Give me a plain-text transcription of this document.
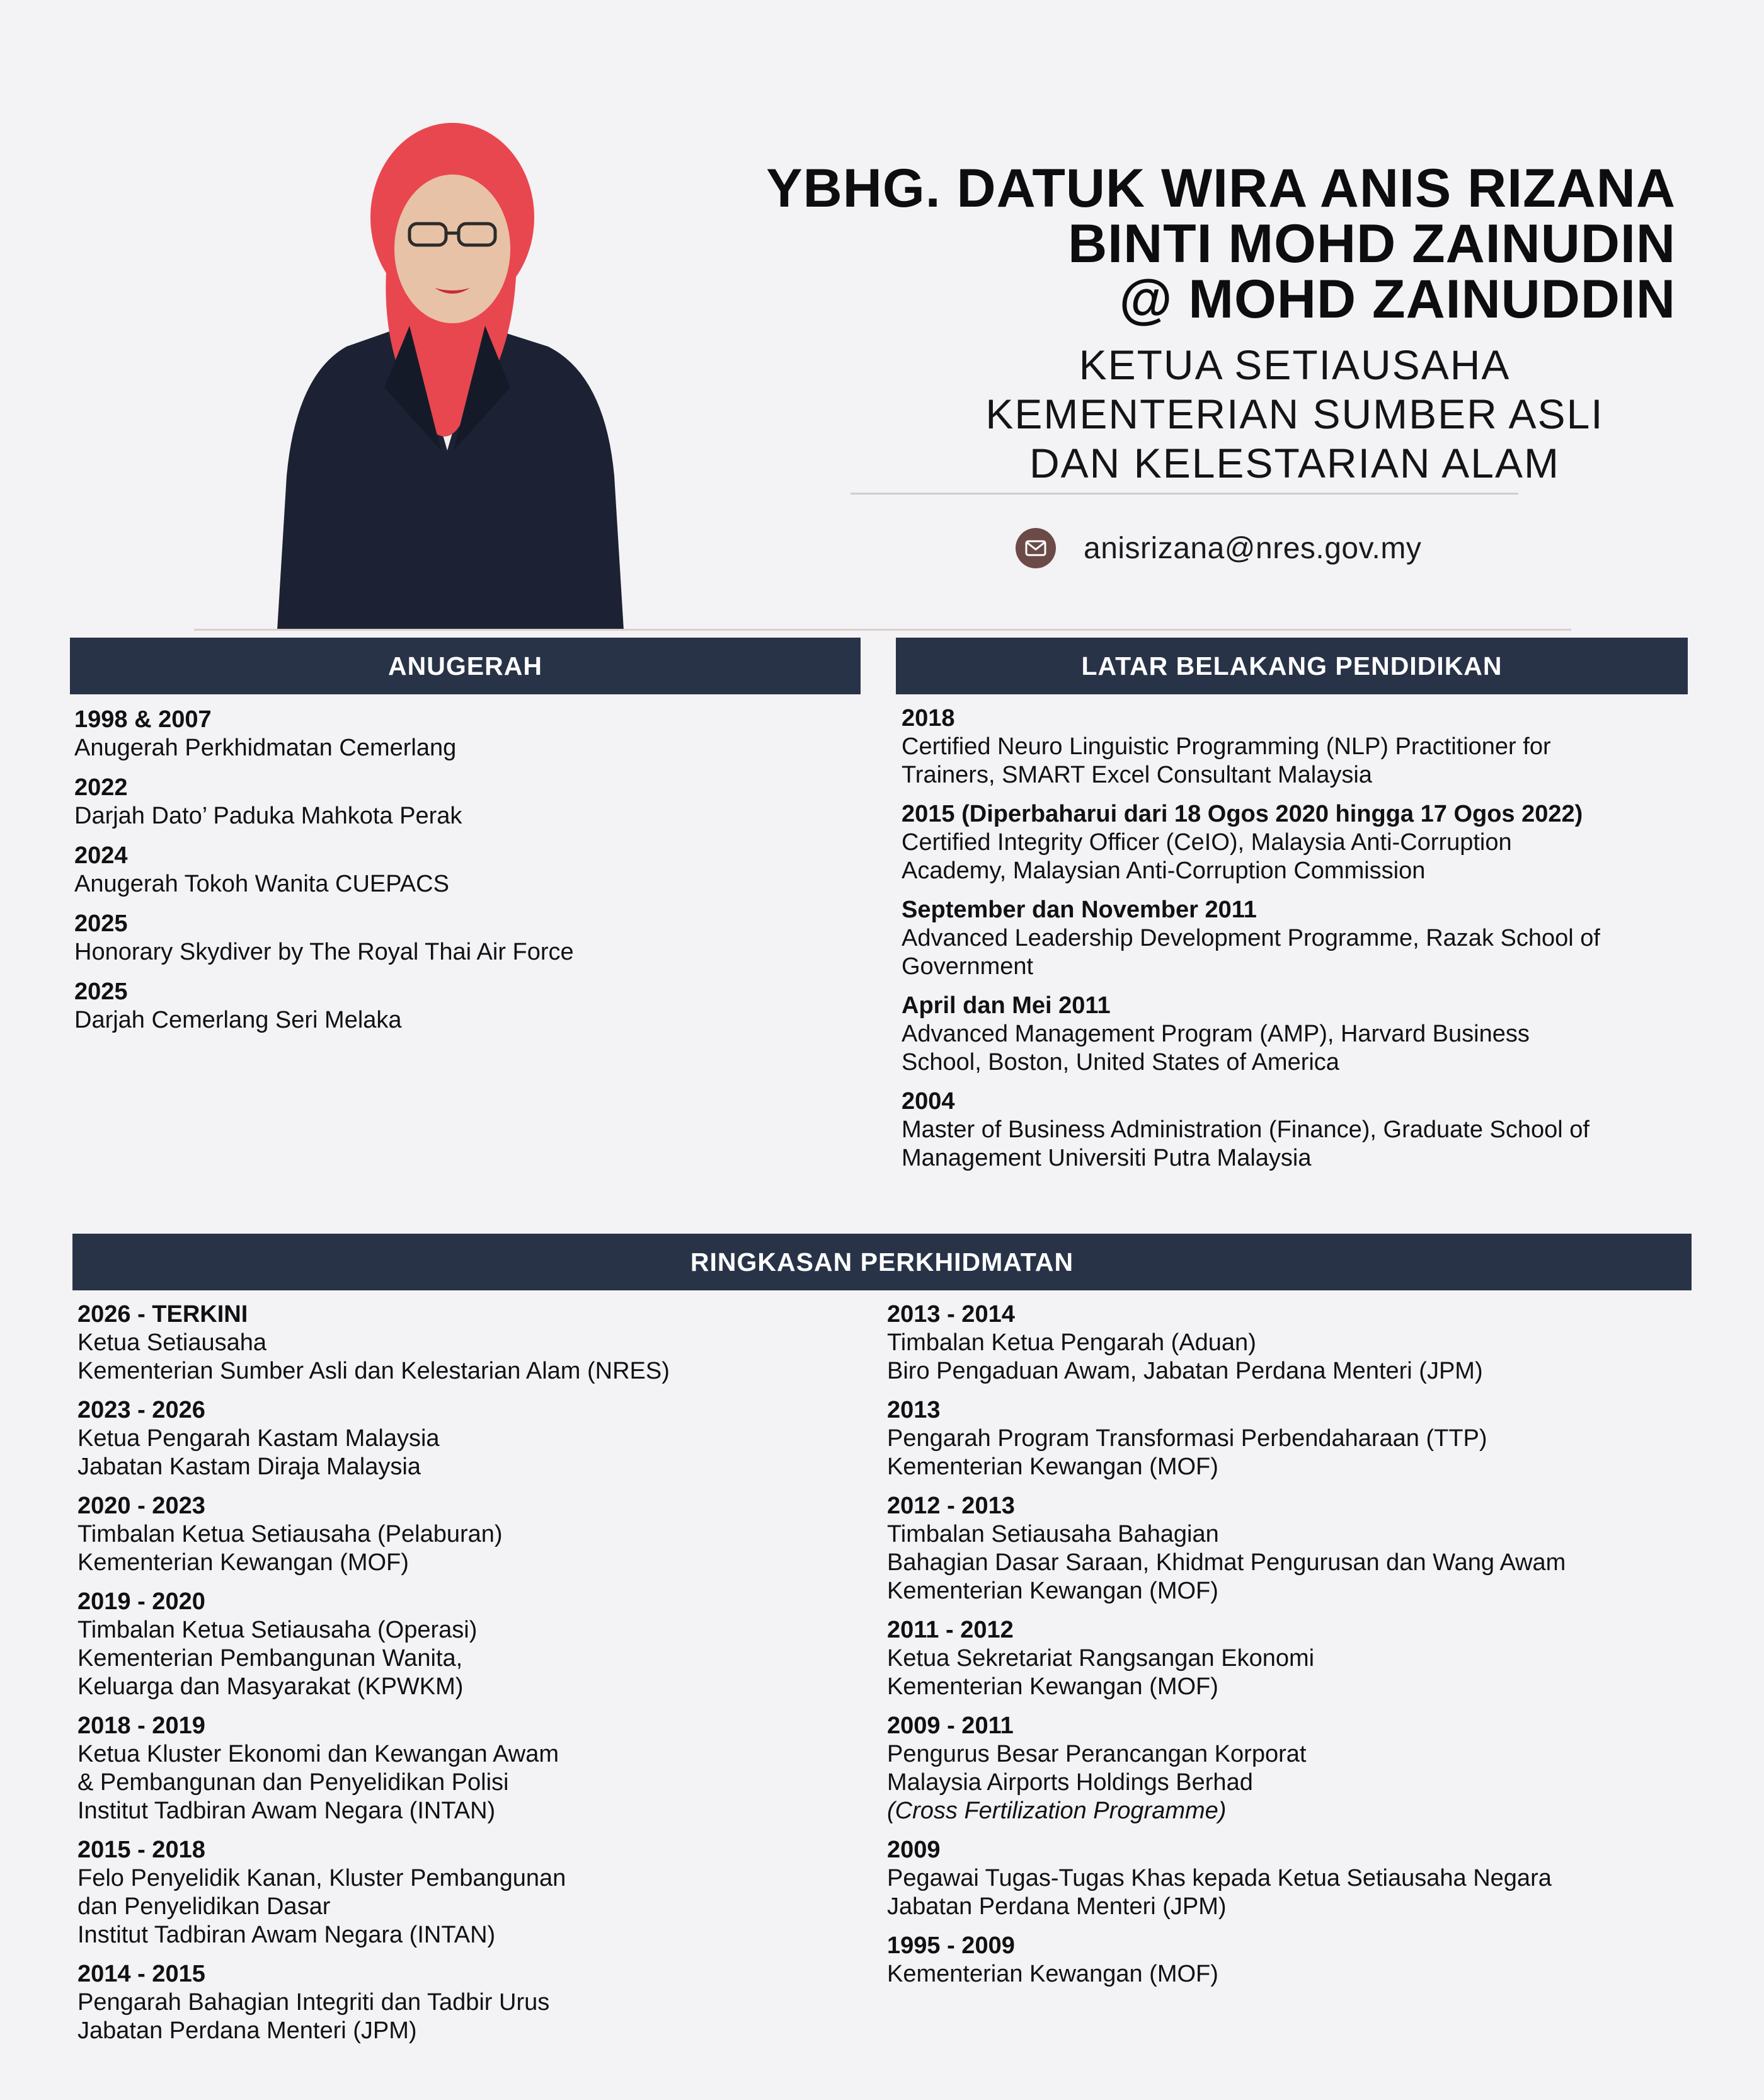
YBHG. DATUK WIRA ANIS RIZANA
BINTI MOHD ZAINUDIN
@ MOHD ZAINUDDIN
KETUA SETIAUSAHA
KEMENTERIAN SUMBER ASLI
DAN KELESTARIAN ALAM
anisrizana@nres.gov.my
ANUGERAH	LATAR BELAKANG PENDIDIKAN
RINGKASAN PERKHIDMATAN
1998 & 2007
Anugerah Perkhidmatan Cemerlang
2022
Darjah Dato’ Paduka Mahkota Perak
2024
Anugerah Tokoh Wanita CUEPACS
2025
Honorary Skydiver by The Royal Thai Air Force
2025
Darjah Cemerlang Seri Melaka
2018
Certified Neuro Linguistic Programming (NLP) Practitioner for
Trainers, SMART Excel Consultant Malaysia
2015 (Diperbaharui dari 18 Ogos 2020 hingga 17 Ogos 2022)
Certified Integrity Officer (CeIO), Malaysia Anti-Corruption
Academy, Malaysian Anti-Corruption Commission
September dan November 2011
Advanced Leadership Development Programme, Razak School of
Government
April dan Mei 2011
Advanced Management Program (AMP), Harvard Business
School, Boston, United States of America
2004
Master of Business Administration (Finance), Graduate School of
Management Universiti Putra Malaysia
2026 - TERKINI
Ketua Setiausaha
Kementerian Sumber Asli dan Kelestarian Alam (NRES)
2023 - 2026
Ketua Pengarah Kastam Malaysia
Jabatan Kastam Diraja Malaysia
2020 - 2023
Timbalan Ketua Setiausaha (Pelaburan)
Kementerian Kewangan (MOF)
2019 - 2020
Timbalan Ketua Setiausaha (Operasi)
Kementerian Pembangunan Wanita,
Keluarga dan Masyarakat (KPWKM)
2018 - 2019
Ketua Kluster Ekonomi dan Kewangan Awam
& Pembangunan dan Penyelidikan Polisi
Institut Tadbiran Awam Negara (INTAN)
2015 - 2018
Felo Penyelidik Kanan, Kluster Pembangunan
dan Penyelidikan Dasar
Institut Tadbiran Awam Negara (INTAN)
2014 - 2015
Pengarah Bahagian Integriti dan Tadbir Urus
Jabatan Perdana Menteri (JPM)
2013 - 2014
Timbalan Ketua Pengarah (Aduan)
Biro Pengaduan Awam, Jabatan Perdana Menteri (JPM)
2013
Pengarah Program Transformasi Perbendaharaan (TTP)
Kementerian Kewangan (MOF)
2012 - 2013
Timbalan Setiausaha Bahagian
Bahagian Dasar Saraan, Khidmat Pengurusan dan Wang Awam
Kementerian Kewangan (MOF)
2011 - 2012
Ketua Sekretariat Rangsangan Ekonomi
Kementerian Kewangan (MOF)
2009 - 2011
Pengurus Besar Perancangan Korporat
Malaysia Airports Holdings Berhad
(Cross Fertilization Programme)
2009
Pegawai Tugas-Tugas Khas kepada Ketua Setiausaha Negara
Jabatan Perdana Menteri (JPM)
1995 - 2009
Kementerian Kewangan (MOF)
